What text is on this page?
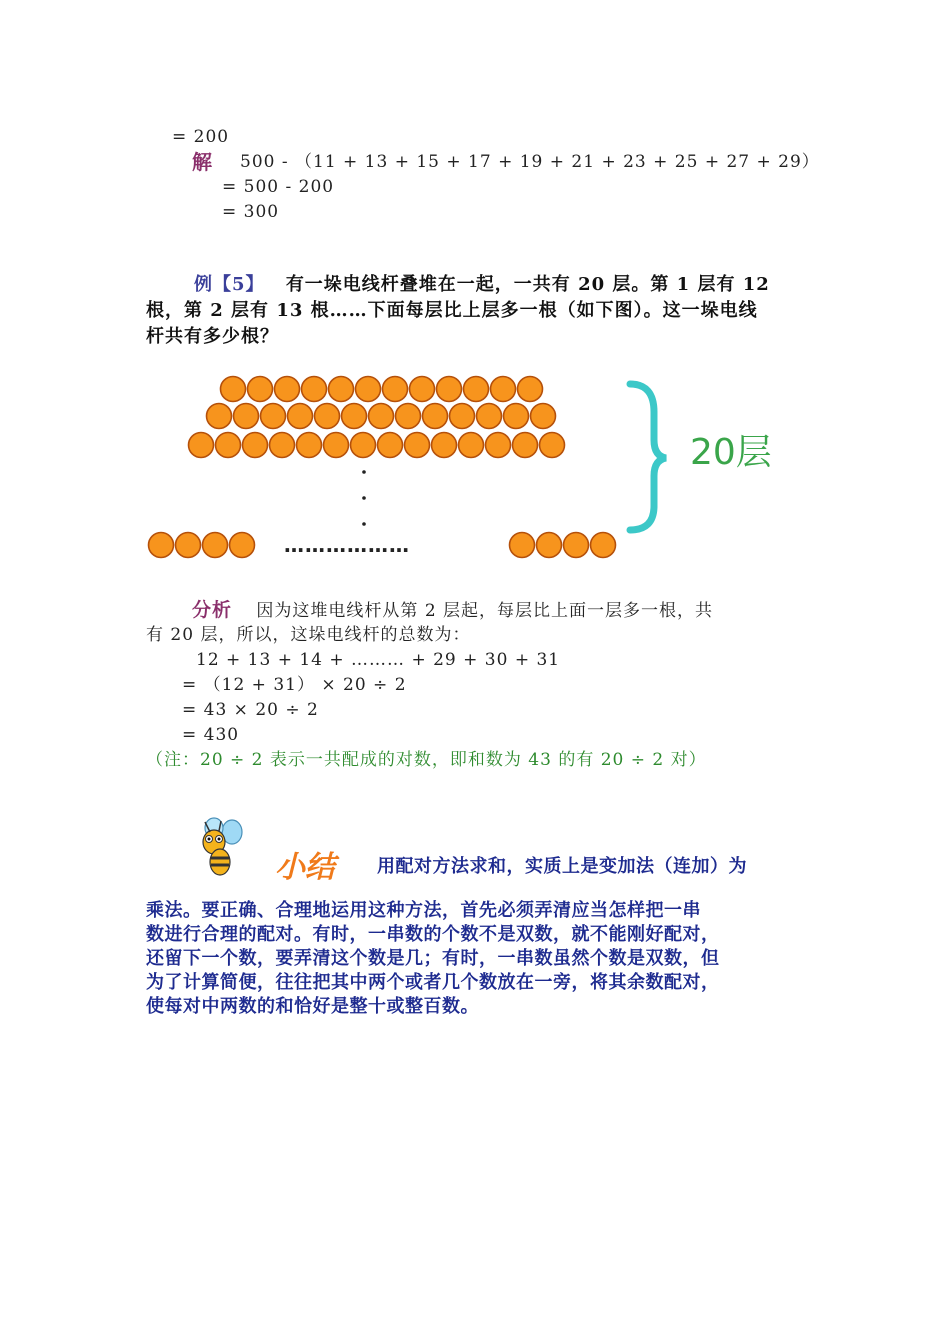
= 200
解 500 - （11 + 13 + 15 + 17 + 19 + 21 + 23 + 25 + 27 + 29）
= 500 - 200
= 300
例【5】 有一垛电线杆叠堆在一起，一共有 20 层。第 1 层有 12
根，第 2 层有 13 根……下面每层比上层多一根（如下图）。这一垛电线
杆共有多少根？
………………
20层
分析 因为这堆电线杆从第 2 层起，每层比上面一层多一根，共
有 20 层，所以，这垛电线杆的总数为：
12 + 13 + 14 + ……… + 29 + 30 + 31
= （12 + 31） × 20 ÷ 2
= 43 × 20 ÷ 2
= 430
（注：20 ÷ 2 表示一共配成的对数，即和数为 43 的有 20 ÷ 2 对）
小结 用配对方法求和，实质上是变加法（连加）为
乘法。要正确、合理地运用这种方法，首先必须弄清应当怎样把一串
数进行合理的配对。有时，一串数的个数不是双数，就不能刚好配对，
还留下一个数，要弄清这个数是几；有时，一串数虽然个数是双数，但
为了计算简便，往往把其中两个或者几个数放在一旁，将其余数配对，
使每对中两数的和恰好是整十或整百数。
